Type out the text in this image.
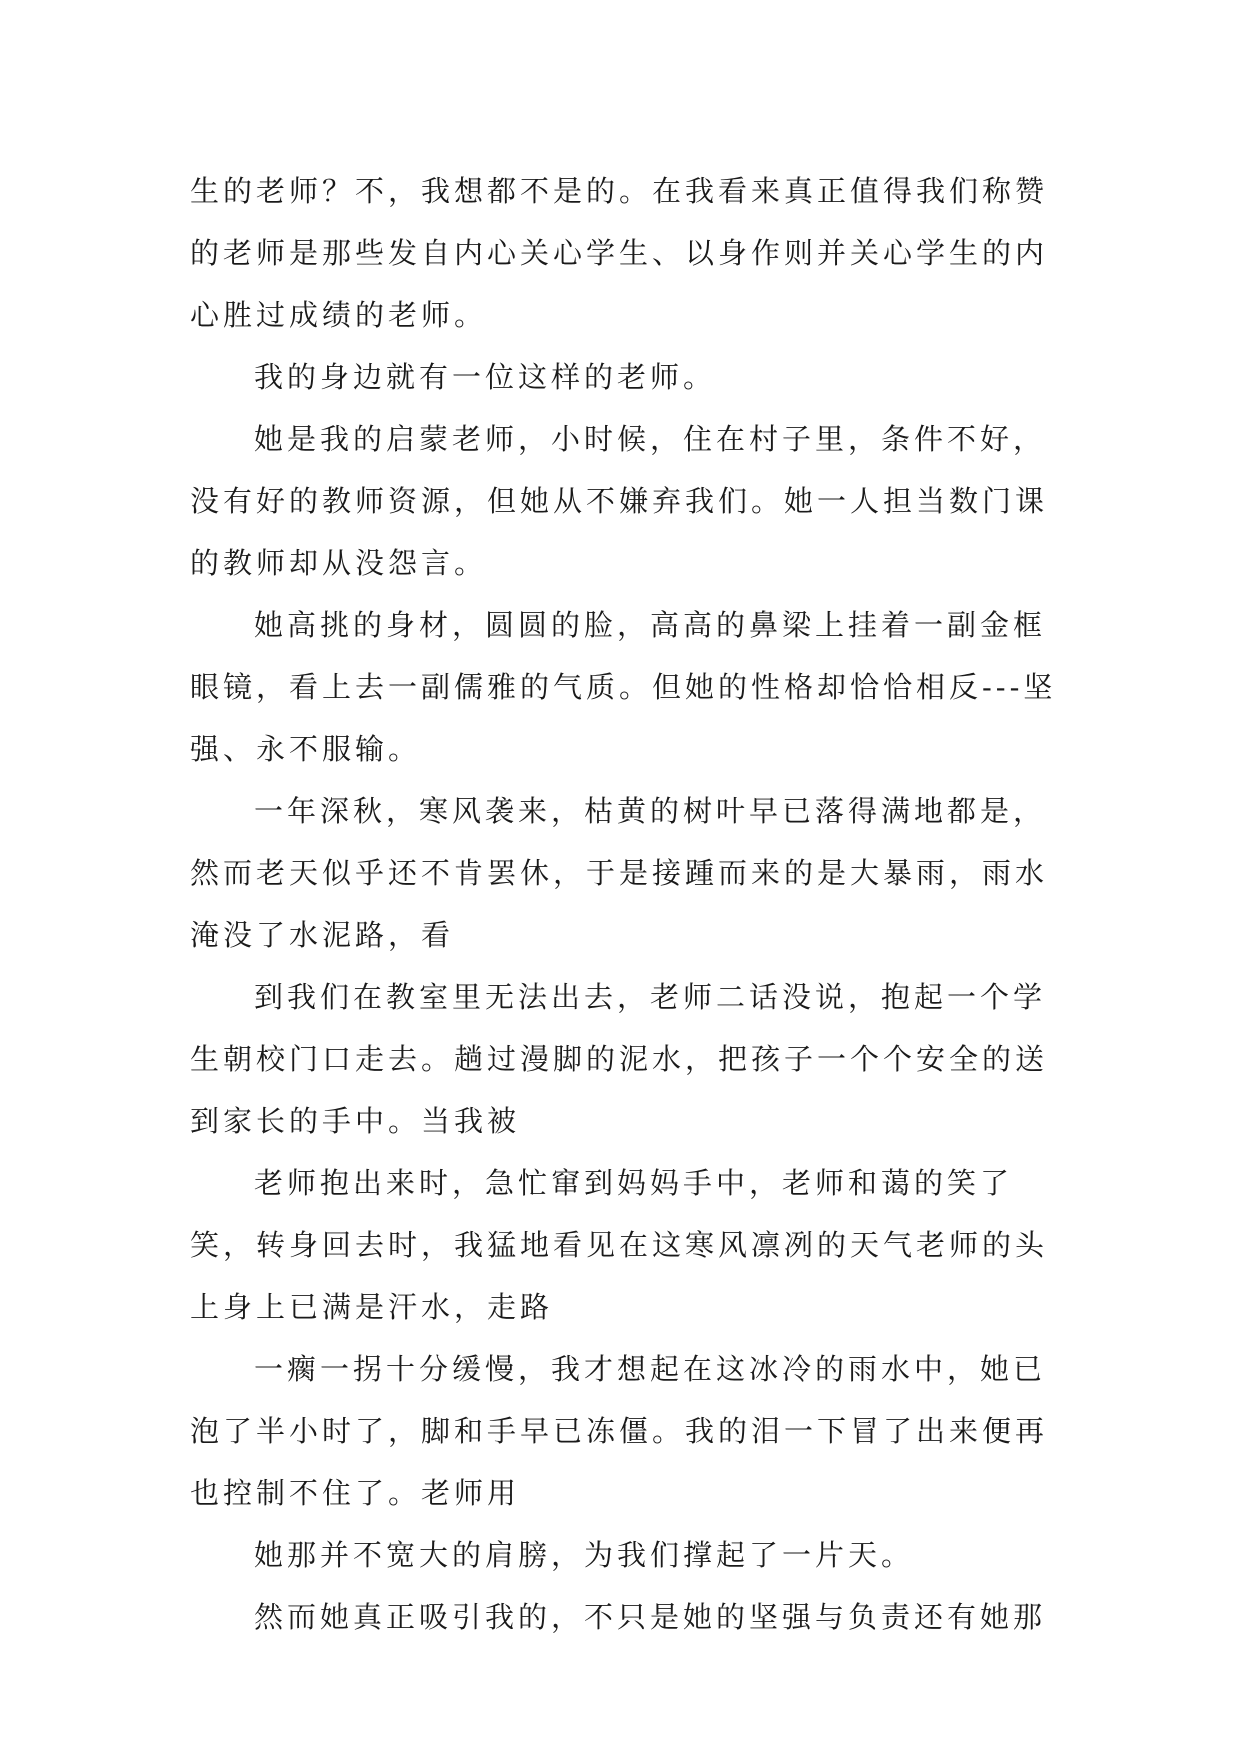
生的老师？不，我想都不是的。在我看来真正值得我们称赞的老师是那些发自内心关心学生、以身作则并关心学生的内心胜过成绩的老师。

我的身边就有一位这样的老师。

她是我的启蒙老师，小时候，住在村子里，条件不好，没有好的教师资源，但她从不嫌弃我们。她一人担当数门课的教师却从没怨言。

她高挑的身材，圆圆的脸，高高的鼻梁上挂着一副金框眼镜，看上去一副儒雅的气质。但她的性格却恰恰相反---坚强、永不服输。

一年深秋，寒风袭来，枯黄的树叶早已落得满地都是，然而老天似乎还不肯罢休，于是接踵而来的是大暴雨，雨水淹没了水泥路，看

到我们在教室里无法出去，老师二话没说，抱起一个学生朝校门口走去。趟过漫脚的泥水，把孩子一个个安全的送到家长的手中。当我被

老师抱出来时，急忙窜到妈妈手中，老师和蔼的笑了笑，转身回去时，我猛地看见在这寒风凛冽的天气老师的头上身上已满是汗水，走路

一瘸一拐十分缓慢，我才想起在这冰冷的雨水中，她已泡了半小时了，脚和手早已冻僵。我的泪一下冒了出来便再也控制不住了。老师用

她那并不宽大的肩膀，为我们撑起了一片天。

然而她真正吸引我的，不只是她的坚强与负责还有她那
